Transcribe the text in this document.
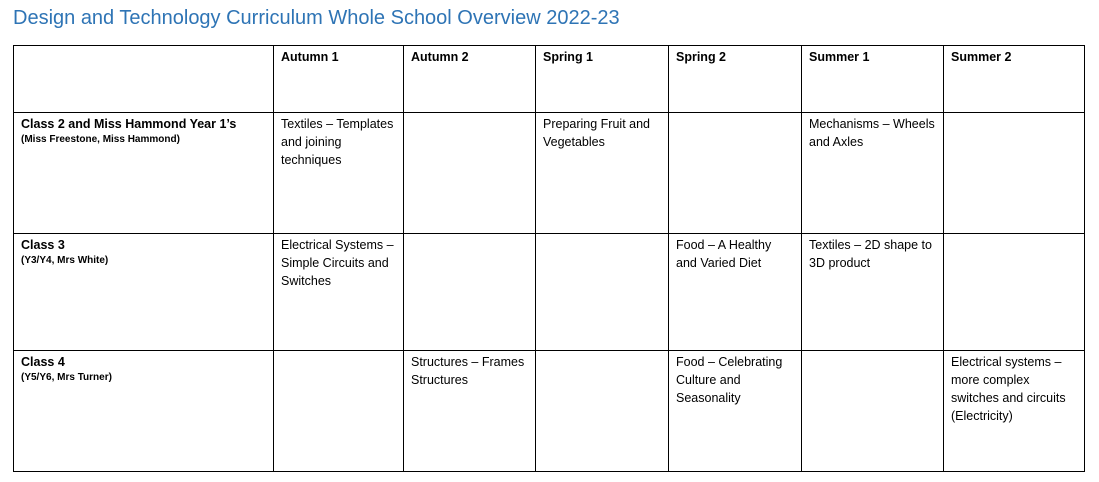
Design and Technology Curriculum Whole School Overview 2022-23
	Autumn 1	Autumn 2	Spring 1	Spring 2	Summer 1	Summer 2

Class 2 and Miss Hammond Year 1’s
(Miss Freestone, Miss Hammond)	Textiles – Templates and joining techniques		Preparing Fruit and Vegetables		Mechanisms – Wheels and Axles	

Class 3
(Y3/Y4, Mrs White)	Electrical Systems – Simple Circuits and Switches			Food – A Healthy and Varied Diet	Textiles – 2D shape to 3D product	

Class 4
(Y5/Y6, Mrs Turner)		Structures – Frames Structures		Food – Celebrating Culture and Seasonality		Electrical systems – more complex switches and circuits (Electricity)
